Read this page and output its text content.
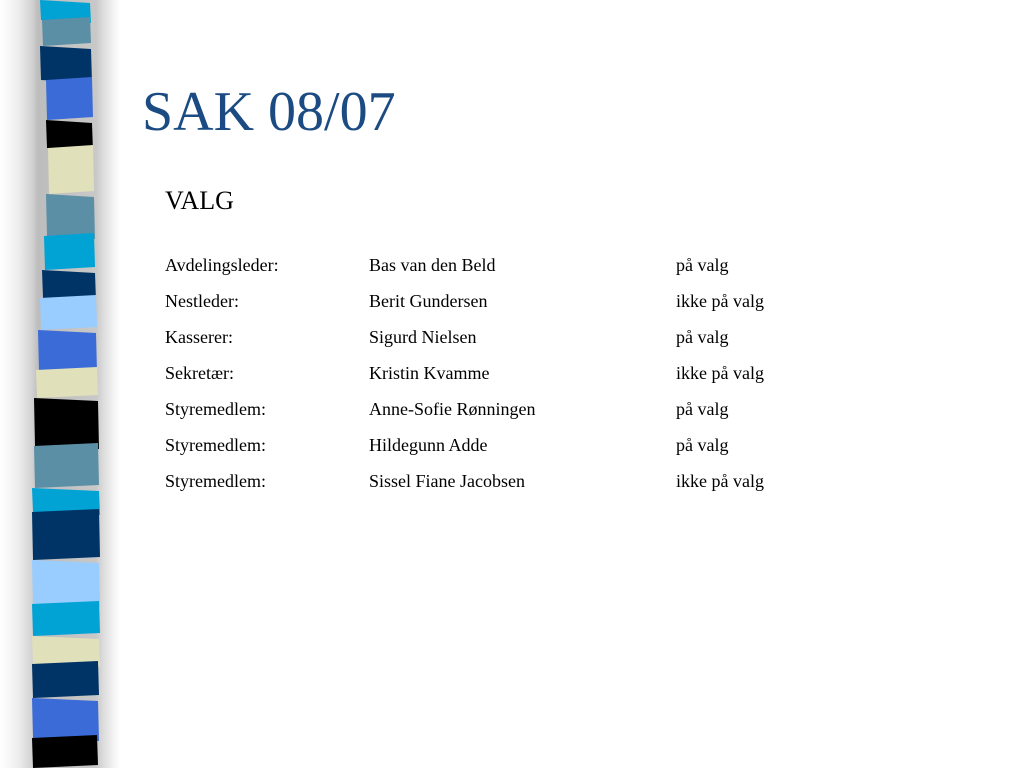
SAK 08/07
VALG
Avdelingsleder:	Bas van den Beld	på valg
Nestleder:	Berit Gundersen	ikke på valg
Kasserer:	Sigurd Nielsen	på valg
Sekretær:	Kristin Kvamme	ikke på valg
Styremedlem:	Anne-Sofie Rønningen	på valg
Styremedlem:	Hildegunn Adde	på valg
Styremedlem:	Sissel Fiane Jacobsen	ikke på valg
